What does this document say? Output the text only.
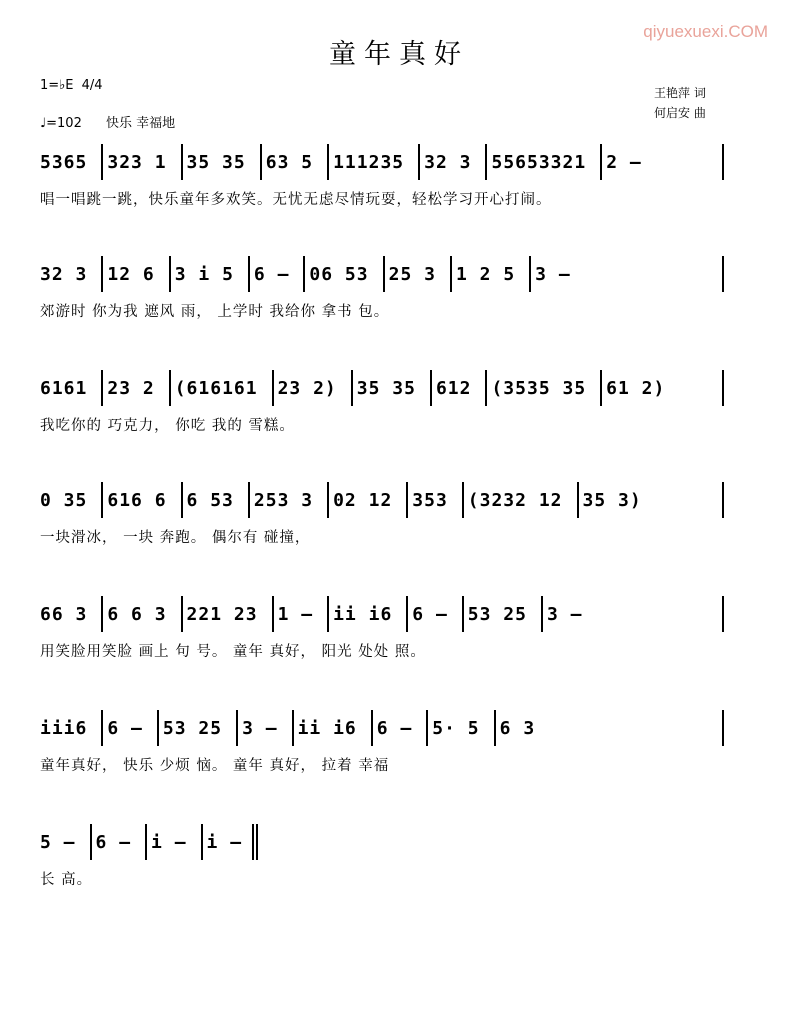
qiyuexuexi.COM
童年真好
王艳萍 词
何启安 曲
1=♭E 4/4
♩=102 快乐 幸福地
5365	323 1	35 35	63 5	111235	32 3	55653321	2 –
唱一唱跳一跳，快乐童年多欢笑。无忧无虑尽情玩耍，轻松学习开心打闹。
32 3	12 6	3 i 5	6 –	06 53	25 3	1 2 5	3 –
郊游时 你为我 遮风 雨， 上学时 我给你 拿书 包。
6161	23 2	(616161	23 2)	35 35	612	(3535 35	61 2)
我吃你的 巧克力， 你吃 我的 雪糕。
0 35	616 6	6 53	253 3	02 12	353	(3232 12	35 3)
一块滑冰， 一块 奔跑。 偶尔有 碰撞，
66 3	6 6 3	221 23	1 –	ii i6	6 –	53 25	3 –
用笑脸用笑脸 画上 句 号。 童年 真好， 阳光 处处 照。
iii6	6 –	53 25	3 –	ii i6	6 –	5· 5	6 3
童年真好， 快乐 少烦 恼。 童年 真好， 拉着 幸福
5 –	6 –	i –	i –
长 高。
